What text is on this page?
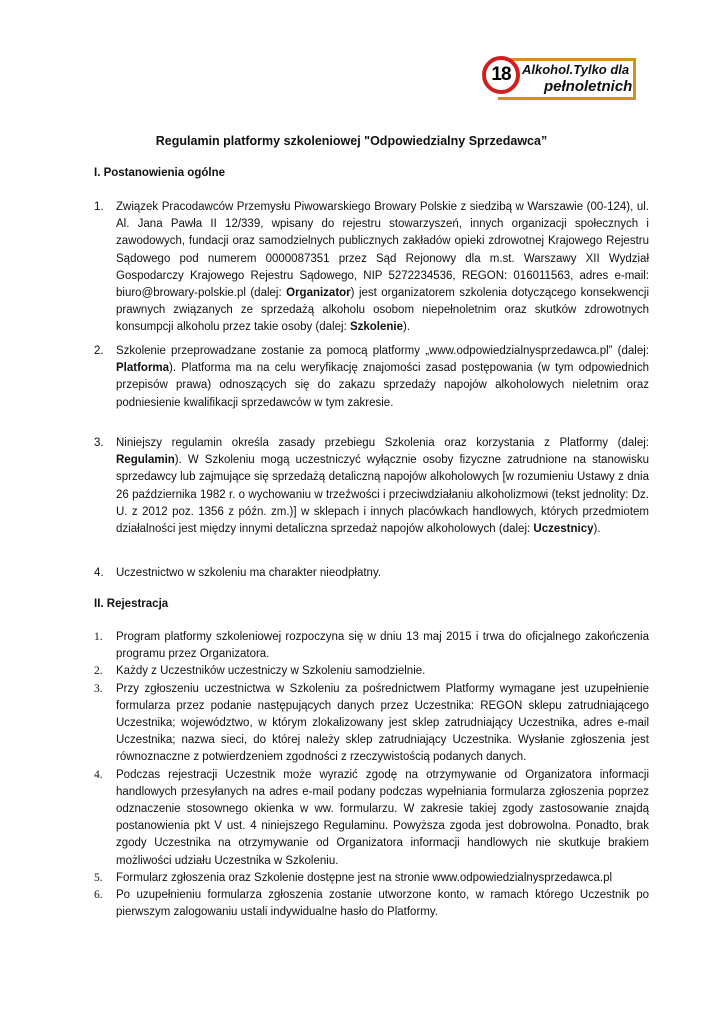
18 Alkohol.Tylko dla
pełnoletnich
Regulamin platformy szkoleniowej "Odpowiedzialny Sprzedawca”
I. Postanowienia ogólne
1. Związek Pracodawców Przemysłu Piwowarskiego Browary Polskie z siedzibą w Warszawie (00-124), ul. Al. Jana Pawła II 12/339, wpisany do rejestru stowarzyszeń, innych organizacji społecznych i zawodowych, fundacji oraz samodzielnych publicznych zakładów opieki zdrowotnej Krajowego Rejestru Sądowego pod numerem 0000087351 przez Sąd Rejonowy dla m.st. Warszawy XII Wydział Gospodarczy Krajowego Rejestru Sądowego, NIP 5272234536, REGON: 016011563, adres e-mail: biuro@browary-polskie.pl (dalej: Organizator) jest organizatorem szkolenia dotyczącego konsekwencji prawnych związanych ze sprzedażą alkoholu osobom niepełnoletnim oraz skutków zdrowotnych konsumpcji alkoholu przez takie osoby (dalej: Szkolenie).
2. Szkolenie przeprowadzane zostanie za pomocą platformy „www.odpowiedzialnysprzedawca.pl” (dalej: Platforma). Platforma ma na celu weryfikację znajomości zasad postępowania (w tym odpowiednich przepisów prawa) odnoszących się do zakazu sprzedaży napojów alkoholowych nieletnim oraz podniesienie kwalifikacji sprzedawców w tym zakresie.
3. Niniejszy regulamin określa zasady przebiegu Szkolenia oraz korzystania z Platformy (dalej: Regulamin). W Szkoleniu mogą uczestniczyć wyłącznie osoby fizyczne zatrudnione na stanowisku sprzedawcy lub zajmujące się sprzedażą detaliczną napojów alkoholowych [w rozumieniu Ustawy z dnia 26 października 1982 r. o wychowaniu w trzeźwości i przeciwdziałaniu alkoholizmowi (tekst jednolity: Dz. U. z 2012 poz. 1356 z późn. zm.)] w sklepach i innych placówkach handlowych, których przedmiotem działalności jest między innymi detaliczna sprzedaż napojów alkoholowych (dalej: Uczestnicy).
4. Uczestnictwo w szkoleniu ma charakter nieodpłatny.
II. Rejestracja
1. Program platformy szkoleniowej rozpoczyna się w dniu 13 maj 2015 i trwa do oficjalnego zakończenia programu przez Organizatora.
2. Każdy z Uczestników uczestniczy w Szkoleniu samodzielnie.
3. Przy zgłoszeniu uczestnictwa w Szkoleniu za pośrednictwem Platformy wymagane jest uzupełnienie formularza przez podanie następujących danych przez Uczestnika: REGON sklepu zatrudniającego Uczestnika; województwo, w którym zlokalizowany jest sklep zatrudniający Uczestnika, adres e-mail Uczestnika; nazwa sieci, do której należy sklep zatrudniający Uczestnika. Wysłanie zgłoszenia jest równoznaczne z potwierdzeniem zgodności z rzeczywistością podanych danych.
4. Podczas rejestracji Uczestnik może wyrazić zgodę na otrzymywanie od Organizatora informacji handlowych przesyłanych na adres e-mail podany podczas wypełniania formularza zgłoszenia poprzez odznaczenie stosownego okienka w ww. formularzu. W zakresie takiej zgody zastosowanie znajdą postanowienia pkt V ust. 4 niniejszego Regulaminu. Powyższa zgoda jest dobrowolna. Ponadto, brak zgody Uczestnika na otrzymywanie od Organizatora informacji handlowych nie skutkuje brakiem możliwości udziału Uczestnika w Szkoleniu.
5. Formularz zgłoszenia oraz Szkolenie dostępne jest na stronie www.odpowiedzialnysprzedawca.pl
6. Po uzupełnieniu formularza zgłoszenia zostanie utworzone konto, w ramach którego Uczestnik po pierwszym zalogowaniu ustali indywidualne hasło do Platformy.
